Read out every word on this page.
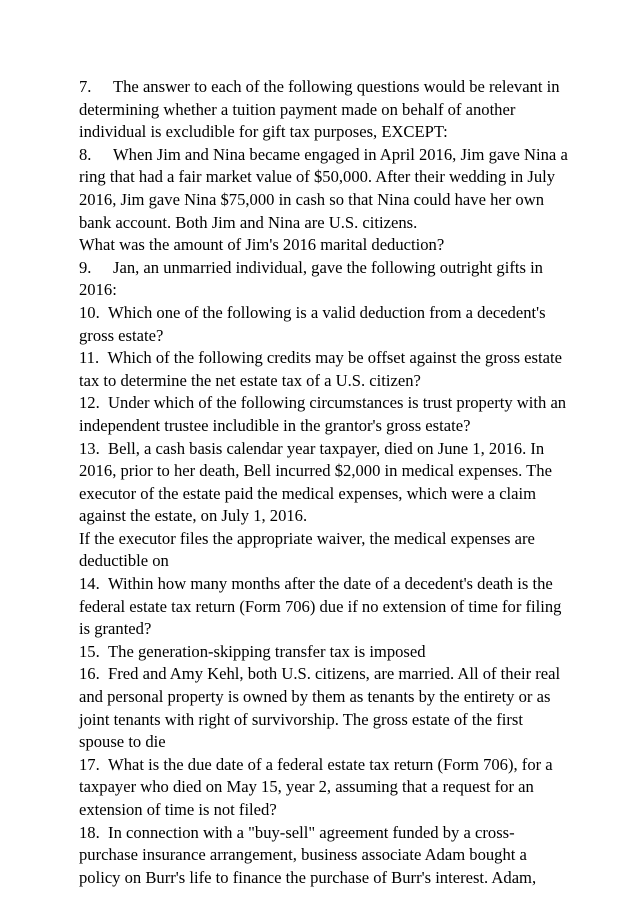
7. The answer to each of the following questions would be relevant in determining whether a tuition payment made on behalf of another individual is excludible for gift tax purposes, EXCEPT:

8. When Jim and Nina became engaged in April 2016, Jim gave Nina a ring that had a fair market value of $50,000. After their wedding in July 2016, Jim gave Nina $75,000 in cash so that Nina could have her own bank account. Both Jim and Nina are U.S. citizens.

What was the amount of Jim's 2016 marital deduction?

9. Jan, an unmarried individual, gave the following outright gifts in 2016:

10. Which one of the following is a valid deduction from a decedent's gross estate?

11. Which of the following credits may be offset against the gross estate tax to determine the net estate tax of a U.S. citizen?

12. Under which of the following circumstances is trust property with an independent trustee includible in the grantor's gross estate?

13. Bell, a cash basis calendar year taxpayer, died on June 1, 2016. In 2016, prior to her death, Bell incurred $2,000 in medical expenses. The executor of the estate paid the medical expenses, which were a claim against the estate, on July 1, 2016.

If the executor files the appropriate waiver, the medical expenses are deductible on

14. Within how many months after the date of a decedent's death is the federal estate tax return (Form 706) due if no extension of time for filing is granted?

15. The generation-skipping transfer tax is imposed

16. Fred and Amy Kehl, both U.S. citizens, are married. All of their real and personal property is owned by them as tenants by the entirety or as joint tenants with right of survivorship. The gross estate of the first spouse to die

17. What is the due date of a federal estate tax return (Form 706), for a taxpayer who died on May 15, year 2, assuming that a request for an extension of time is not filed?

18. In connection with a "buy-sell" agreement funded by a cross-purchase insurance arrangement, business associate Adam bought a policy on Burr's life to finance the purchase of Burr's interest. Adam,
